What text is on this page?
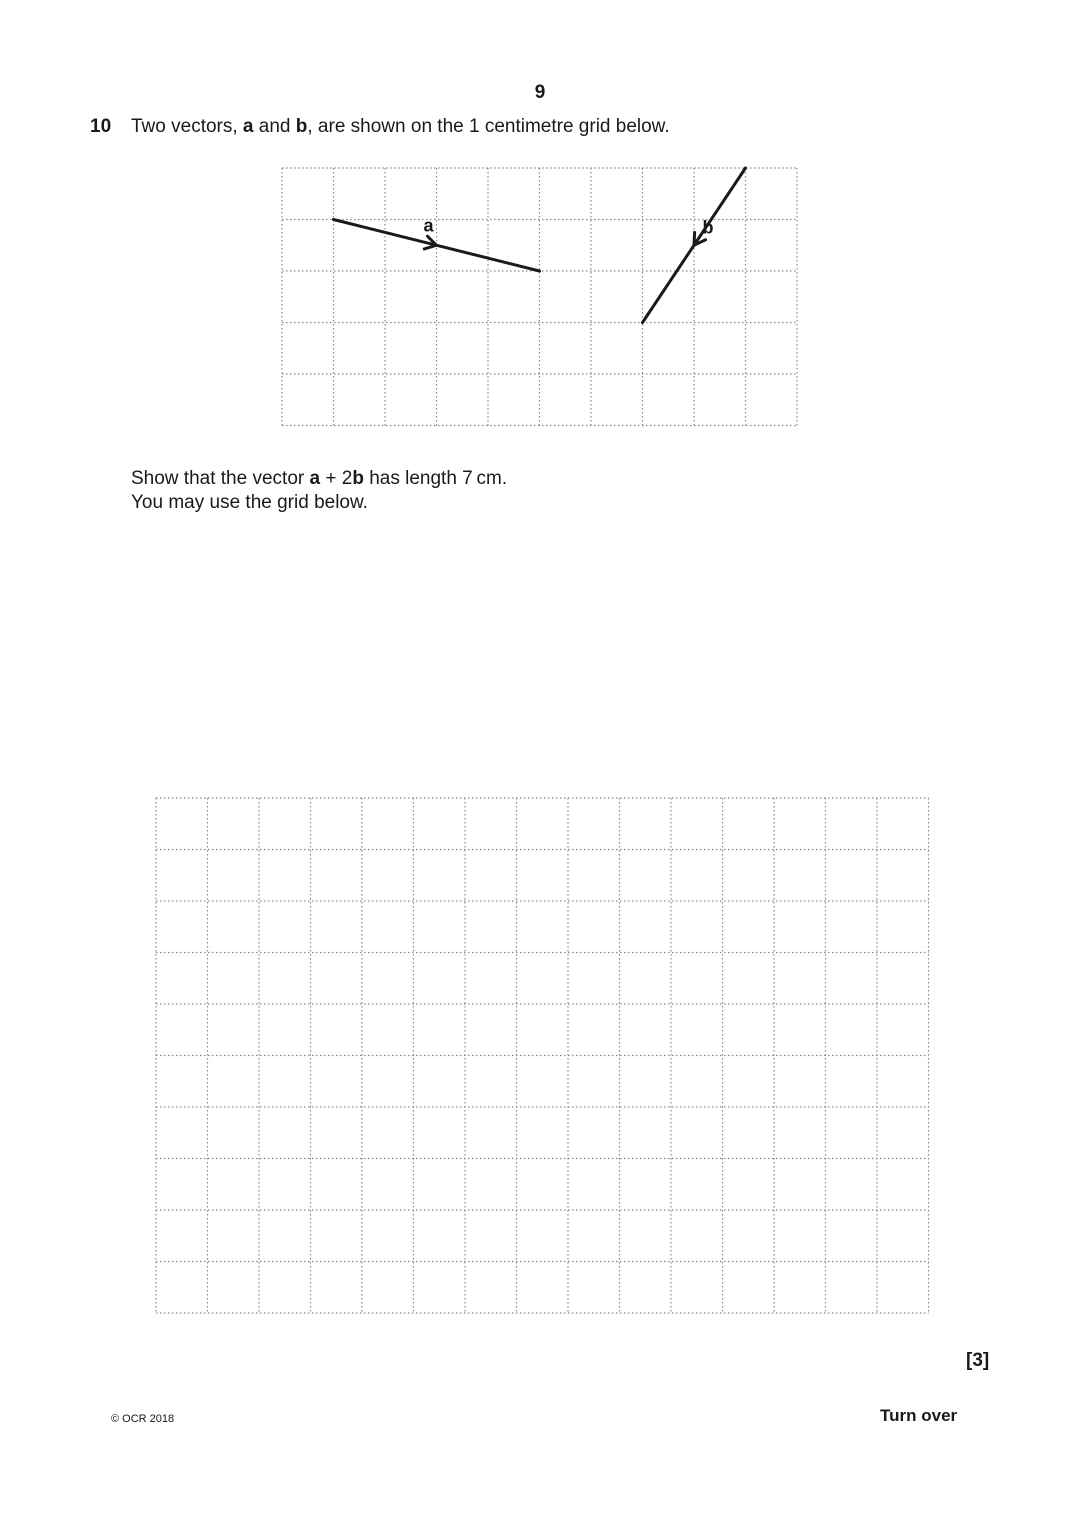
9
10 Two vectors, a and b, are shown on the 1 centimetre grid below.
a	b
Show that the vector a + 2b has length 7 cm.
You may use the grid below.
[3]
© OCR 2018	Turn over
